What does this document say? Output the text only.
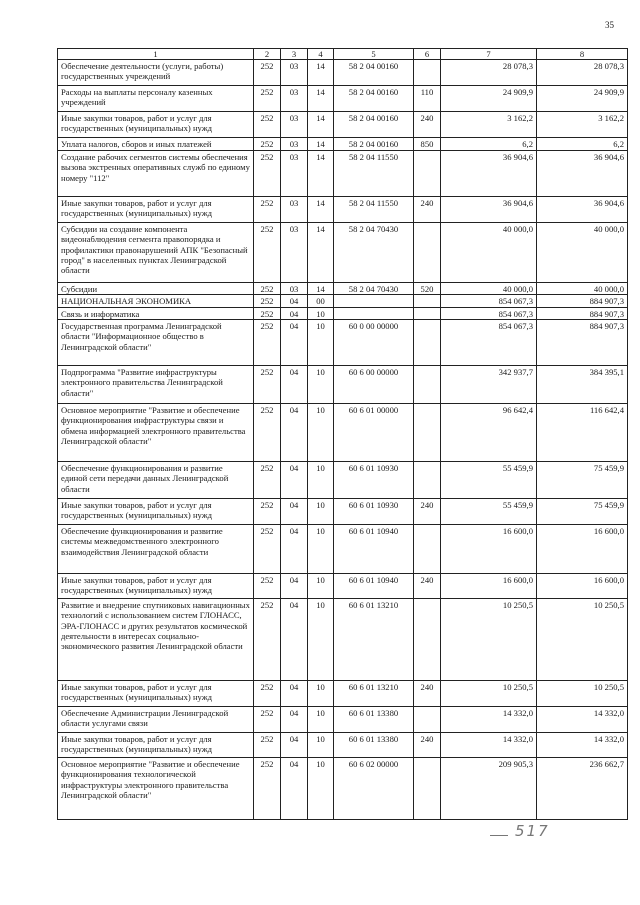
35
1	2	3	4	5	6	7	8
Обеспечение деятельности (услуги, работы) государственных учреждений	252	03	14	58 2 04 00160		28 078,3	28 078,3
Расходы на выплаты персоналу казенных учреждений	252	03	14	58 2 04 00160	110	24 909,9	24 909,9
Иные закупки товаров, работ и услуг для государственных (муниципальных) нужд	252	03	14	58 2 04 00160	240	3 162,2	3 162,2
Уплата налогов, сборов и иных платежей	252	03	14	58 2 04 00160	850	6,2	6,2
Создание рабочих сегментов системы обеспечения вызова экстренных оперативных служб по единому номеру "112"	252	03	14	58 2 04 11550		36 904,6	36 904,6
Иные закупки товаров, работ и услуг для государственных (муниципальных) нужд	252	03	14	58 2 04 11550	240	36 904,6	36 904,6
Субсидии на создание компонента видеонаблюдения сегмента правопорядка и профилактики правонарушений АПК "Безопасный город" в населенных пунктах Ленинградской области	252	03	14	58 2 04 70430		40 000,0	40 000,0
Субсидии	252	03	14	58 2 04 70430	520	40 000,0	40 000,0
НАЦИОНАЛЬНАЯ ЭКОНОМИКА	252	04	00			854 067,3	884 907,3
Связь и информатика	252	04	10			854 067,3	884 907,3
Государственная программа Ленинградской области "Информационное общество в Ленинградской области"	252	04	10	60 0 00 00000		854 067,3	884 907,3
Подпрограмма "Развитие инфраструктуры электронного правительства Ленинградской области"	252	04	10	60 6 00 00000		342 937,7	384 395,1
Основное мероприятие "Развитие и обеспечение функционирования инфраструктуры связи и обмена информацией электронного правительства Ленинградской области"	252	04	10	60 6 01 00000		96 642,4	116 642,4
Обеспечение функционирования и развитие единой сети передачи данных Ленинградской области	252	04	10	60 6 01 10930		55 459,9	75 459,9
Иные закупки товаров, работ и услуг для государственных (муниципальных) нужд	252	04	10	60 6 01 10930	240	55 459,9	75 459,9
Обеспечение функционирования и развитие системы межведомственного электронного взаимодействия Ленинградской области	252	04	10	60 6 01 10940		16 600,0	16 600,0
Иные закупки товаров, работ и услуг для государственных (муниципальных) нужд	252	04	10	60 6 01 10940	240	16 600,0	16 600,0
Развитие и внедрение спутниковых навигационных технологий с использованием систем ГЛОНАСС, ЭРА-ГЛОНАСС и других результатов космической деятельности в интересах социально-экономического развития Ленинградской области	252	04	10	60 6 01 13210		10 250,5	10 250,5
Иные закупки товаров, работ и услуг для государственных (муниципальных) нужд	252	04	10	60 6 01 13210	240	10 250,5	10 250,5
Обеспечение Администрации Ленинградской области услугами связи	252	04	10	60 6 01 13380		14 332,0	14 332,0
Иные закупки товаров, работ и услуг для государственных (муниципальных) нужд	252	04	10	60 6 01 13380	240	14 332,0	14 332,0
Основное мероприятие "Развитие и обеспечение функционирования технологической инфраструктуры электронного правительства Ленинградской области"	252	04	10	60 6 02 00000		209 905,3	236 662,7
517
